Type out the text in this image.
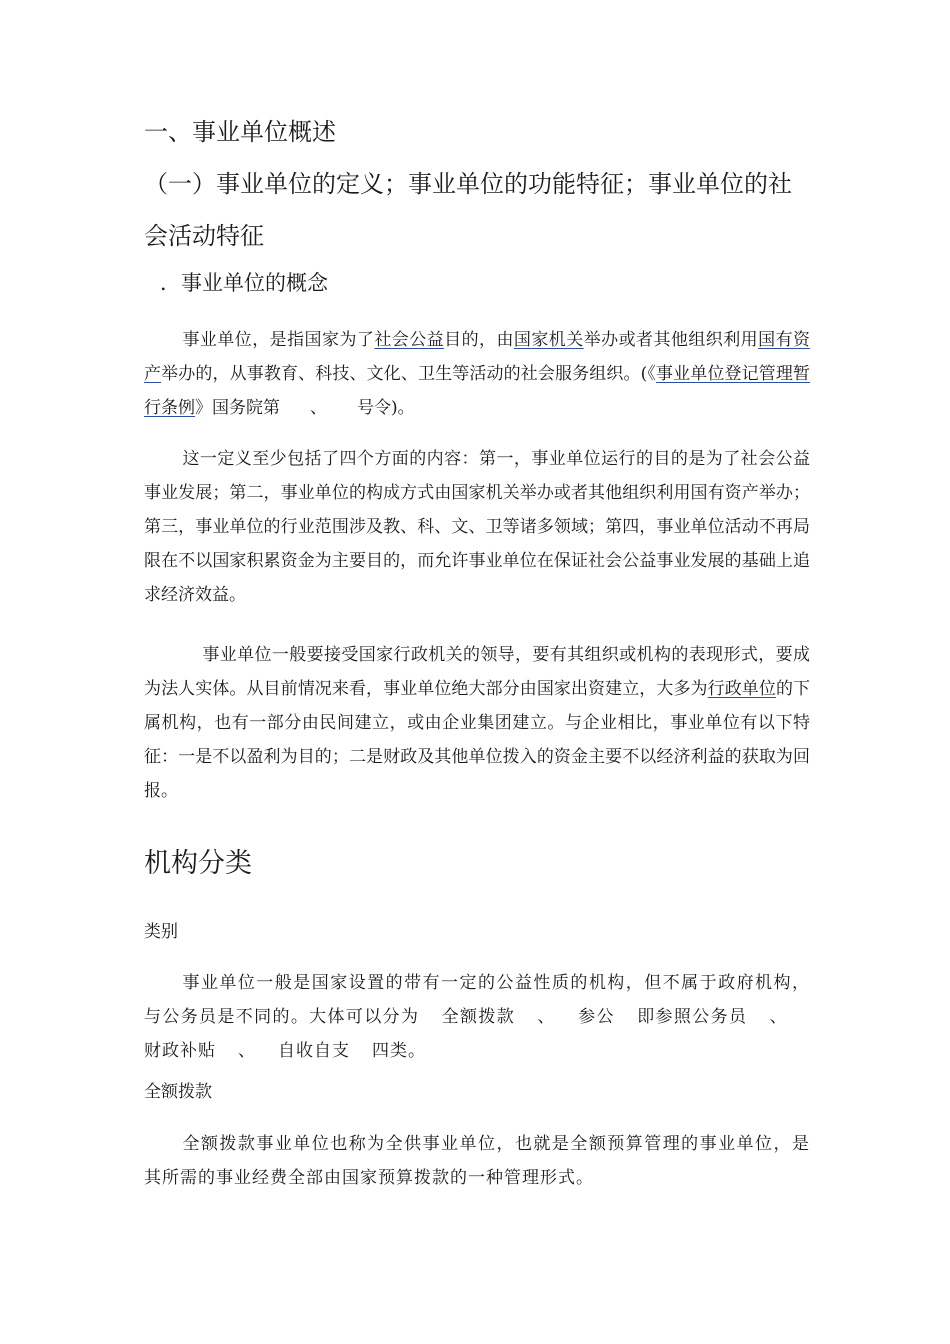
一、事业单位概述
（一）事业单位的定义；事业单位的功能特征；事业单位的社会活动特征
．事业单位的概念
事业单位，是指国家为了社会公益目的，由国家机关举办或者其他组织利用国有资产举办的，从事教育、科技、文化、卫生等活动的社会服务组织。(《事业单位登记管理暂行条例》国务院第 、 号令)。
这一定义至少包括了四个方面的内容：第一，事业单位运行的目的是为了社会公益事业发展；第二，事业单位的构成方式由国家机关举办或者其他组织利用国有资产举办；第三，事业单位的行业范围涉及教、科、文、卫等诸多领域；第四，事业单位活动不再局限在不以国家积累资金为主要目的，而允许事业单位在保证社会公益事业发展的基础上追求经济效益。
事业单位一般要接受国家行政机关的领导，要有其组织或机构的表现形式，要成为法人实体。从目前情况来看，事业单位绝大部分由国家出资建立，大多为行政单位的下属机构，也有一部分由民间建立，或由企业集团建立。与企业相比，事业单位有以下特征：一是不以盈利为目的；二是财政及其他单位拨入的资金主要不以经济利益的获取为回报。
机构分类
类别
事业单位一般是国家设置的带有一定的公益性质的机构，但不属于政府机构，与公务员是不同的。大体可以分为 全额拨款 、 参公 即参照公务员 、财政补贴 、 自收自支 四类。
全额拨款
全额拨款事业单位也称为全供事业单位，也就是全额预算管理的事业单位，是其所需的事业经费全部由国家预算拨款的一种管理形式。
